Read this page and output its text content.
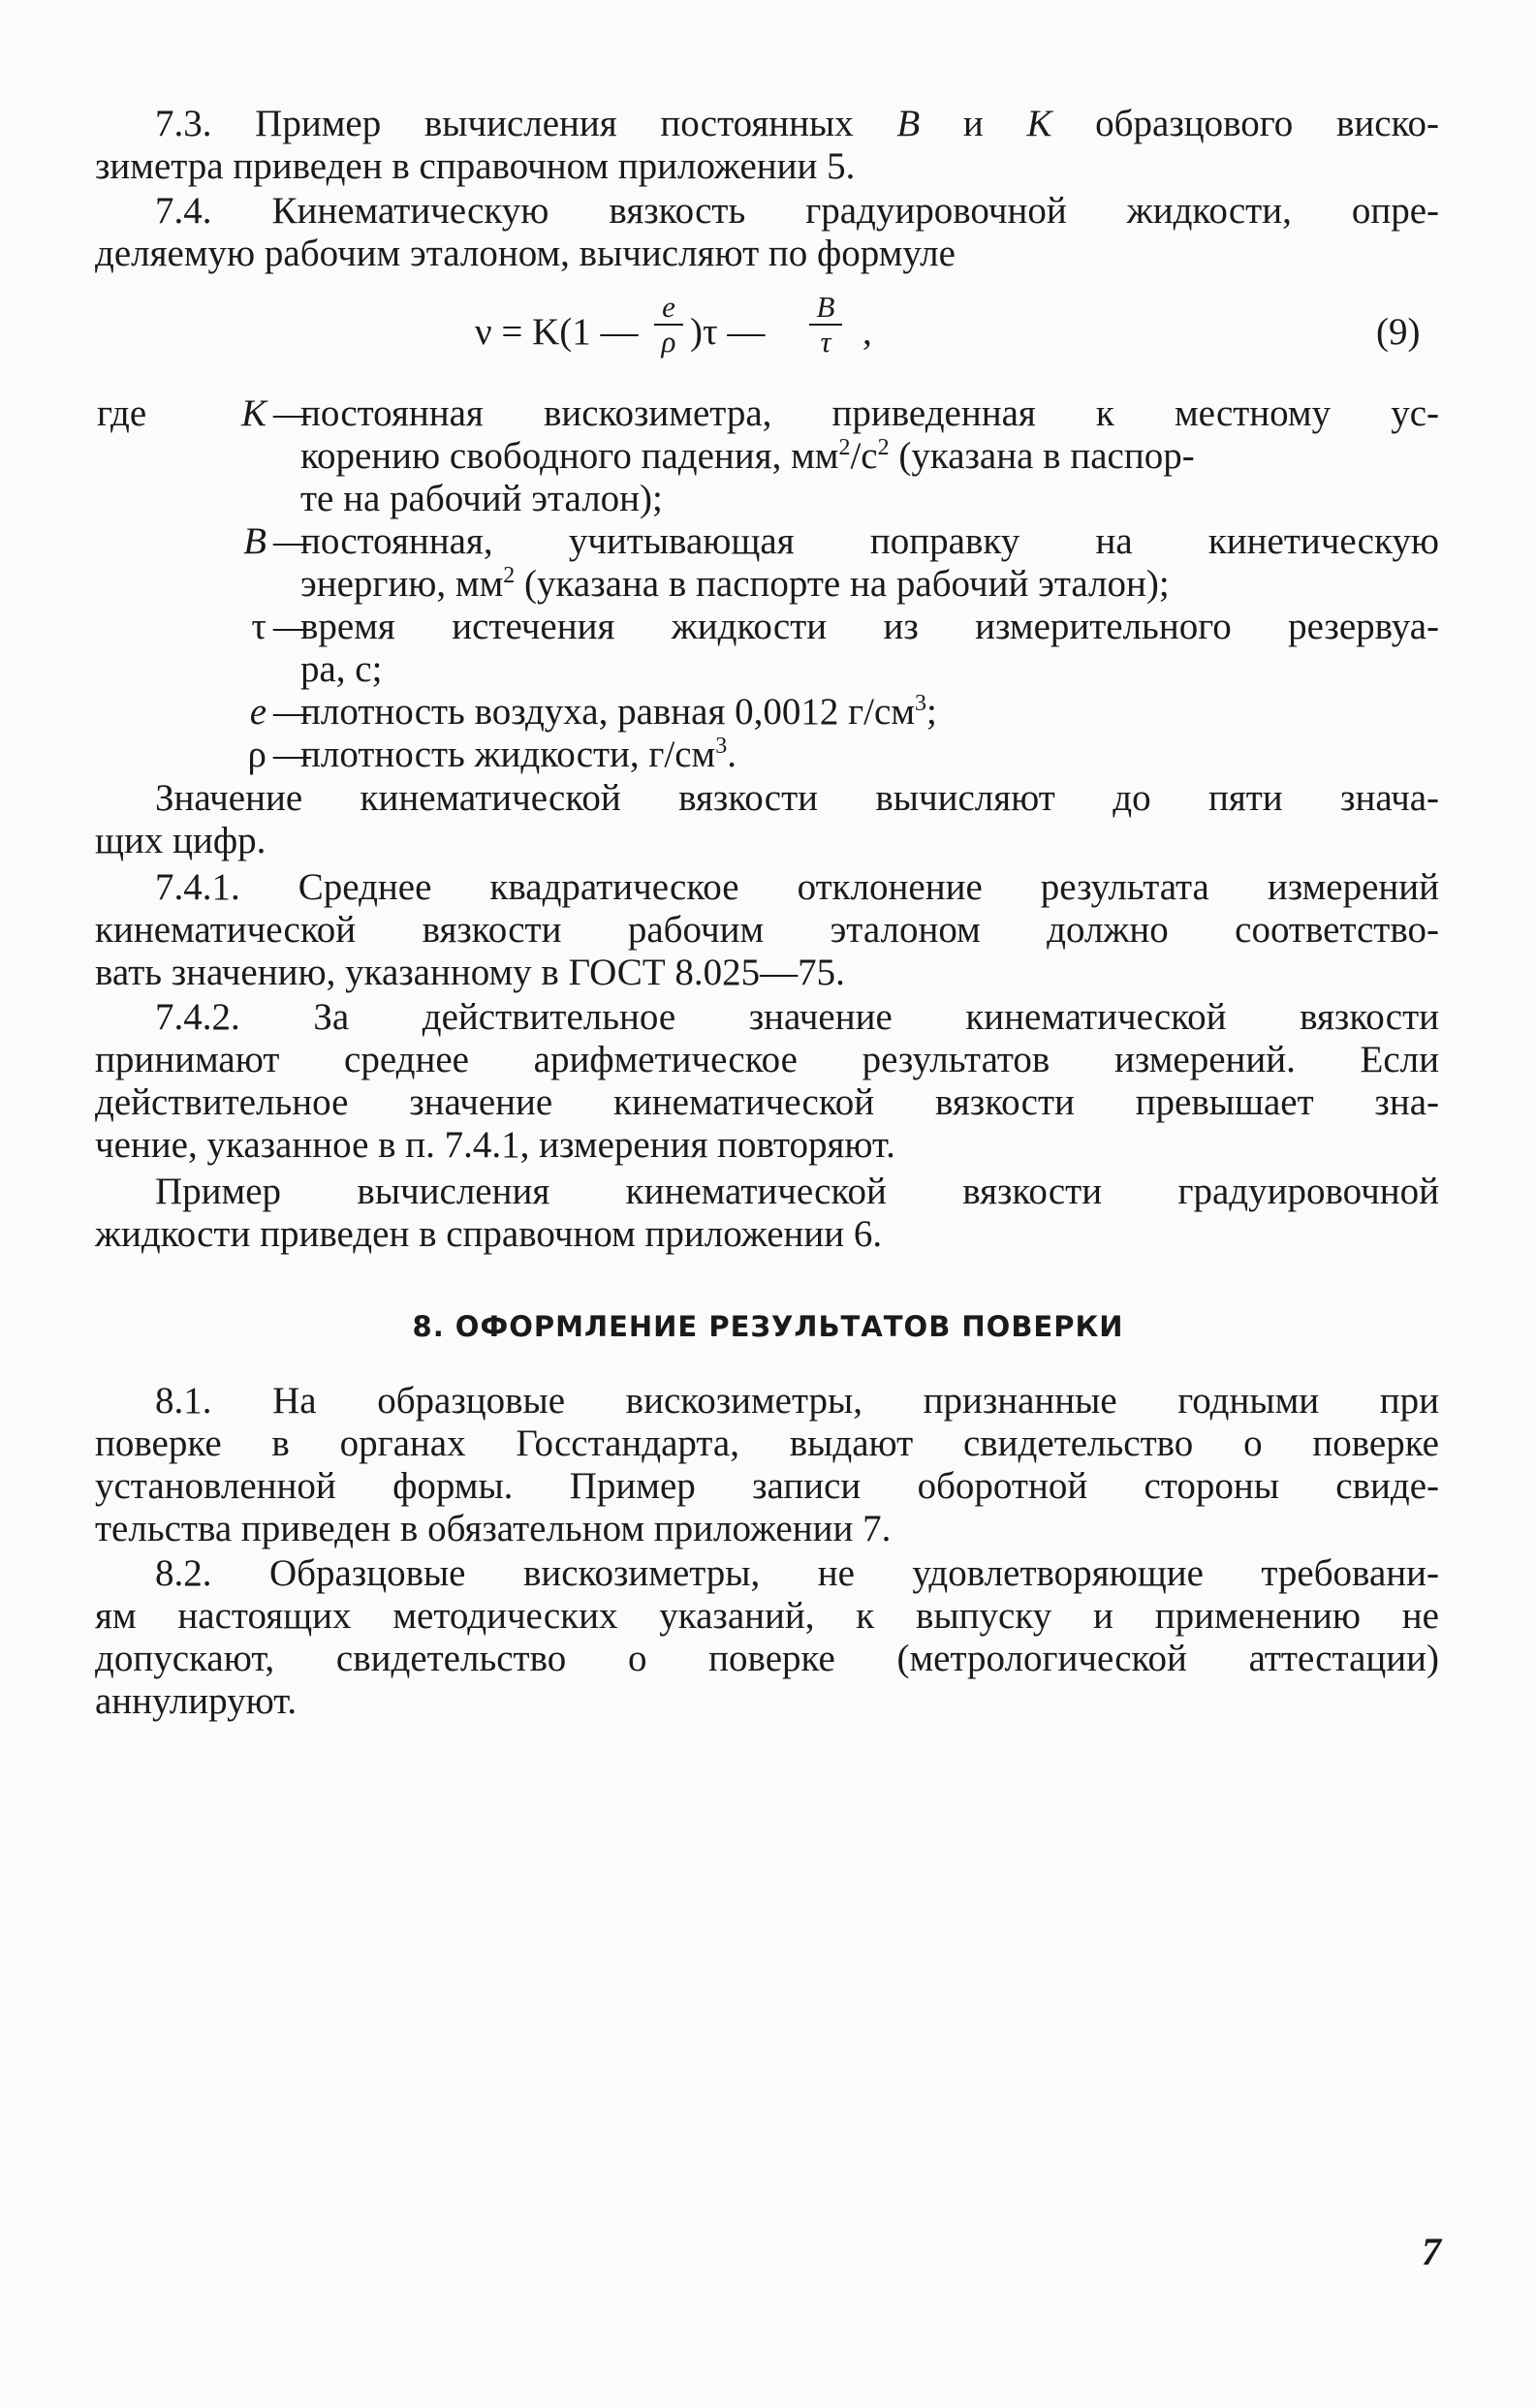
7.3. Пример вычисления постоянных B и K образцового виско-
зиметра приведен в справочном приложении 5.
7.4. Кинематическую вязкость градуировочной жидкости, опре-
деляемую рабочим эталоном, вычисляют по формуле
ν = K(1 —
e
ρ )τ —
B
τ ,	(9)
где	K —
постоянная вискозиметра, приведенная к местному ус-
корению свободного падения, $мм^2/с^2$ (указана в паспор-
те на рабочий эталон);
B —
постоянная, учитывающая поправку на кинетическую
энергию, $мм^2$ (указана в паспорте на рабочий эталон);
τ —
время истечения жидкости из измерительного резервуа-
ра, с;
e —
плотность воздуха, равная 0,0012 $г/см^3$;
ρ —
плотность жидкости, $г/см^3$.
Значение кинематической вязкости вычисляют до пяти знача-
щих цифр.
7.4.1. Среднее квадратическое отклонение результата измерений
кинематической вязкости рабочим эталоном должно соответство-
вать значению, указанному в ГОСТ 8.025—75.
7.4.2. За действительное значение кинематической вязкости
принимают среднее арифметическое результатов измерений. Если
действительное значение кинематической вязкости превышает зна-
чение, указанное в п. 7.4.1, измерения повторяют.
Пример вычисления кинематической вязкости градуировочной
жидкости приведен в справочном приложении 6.
8. ОФОРМЛЕНИЕ РЕЗУЛЬТАТОВ ПОВЕРКИ
8.1. На образцовые вискозиметры, признанные годными при
поверке в органах Госстандарта, выдают свидетельство о поверке
установленной формы. Пример записи оборотной стороны свиде-
тельства приведен в обязательном приложении 7.
8.2. Образцовые вискозиметры, не удовлетворяющие требовани-
ям настоящих методических указаний, к выпуску и применению не
допускают, свидетельство о поверке (метрологической аттестации)
аннулируют.
7
